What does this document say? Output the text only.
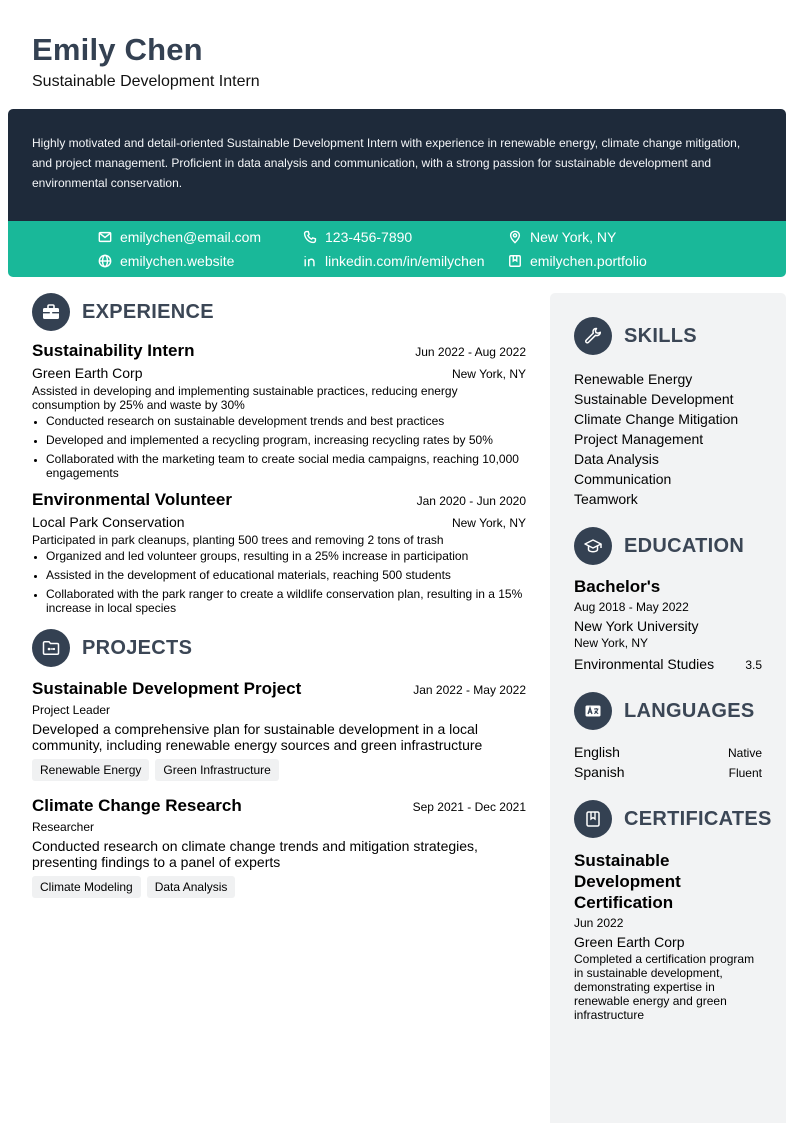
Emily Chen
Sustainable Development Intern

Highly motivated and detail-oriented Sustainable Development Intern with experience in renewable energy, climate change mitigation, and project management. Proficient in data analysis and communication, with a strong passion for sustainable development and environmental conservation.

emilychen@email.com	123-456-7890	New York, NY
emilychen.website	linkedin.com/in/emilychen	emilychen.portfolio
EXPERIENCE
Sustainability Intern	Jun 2022 - Aug 2022
Green Earth Corp	New York, NY
Assisted in developing and implementing sustainable practices, reducing energy consumption by 25% and waste by 30%
• Conducted research on sustainable development trends and best practices
• Developed and implemented a recycling program, increasing recycling rates by 50%
• Collaborated with the marketing team to create social media campaigns, reaching 10,000 engagements
Environmental Volunteer	Jan 2020 - Jun 2020
Local Park Conservation	New York, NY
Participated in park cleanups, planting 500 trees and removing 2 tons of trash
• Organized and led volunteer groups, resulting in a 25% increase in participation
• Assisted in the development of educational materials, reaching 500 students
• Collaborated with the park ranger to create a wildlife conservation plan, resulting in a 15% increase in local species
PROJECTS
Sustainable Development Project	Jan 2022 - May 2022
Project Leader
Developed a comprehensive plan for sustainable development in a local community, including renewable energy sources and green infrastructure
Renewable Energy	Green Infrastructure
Climate Change Research	Sep 2021 - Dec 2021
Researcher
Conducted research on climate change trends and mitigation strategies, presenting findings to a panel of experts
Climate Modeling	Data Analysis
SKILLS
Renewable Energy
Sustainable Development
Climate Change Mitigation
Project Management
Data Analysis
Communication
Teamwork
EDUCATION
Bachelor's
Aug 2018 - May 2022
New York University
New York, NY
Environmental Studies	3.5
LANGUAGES
English	Native
Spanish	Fluent
CERTIFICATES
Sustainable Development Certification
Jun 2022
Green Earth Corp
Completed a certification program in sustainable development, demonstrating expertise in renewable energy and green infrastructure
